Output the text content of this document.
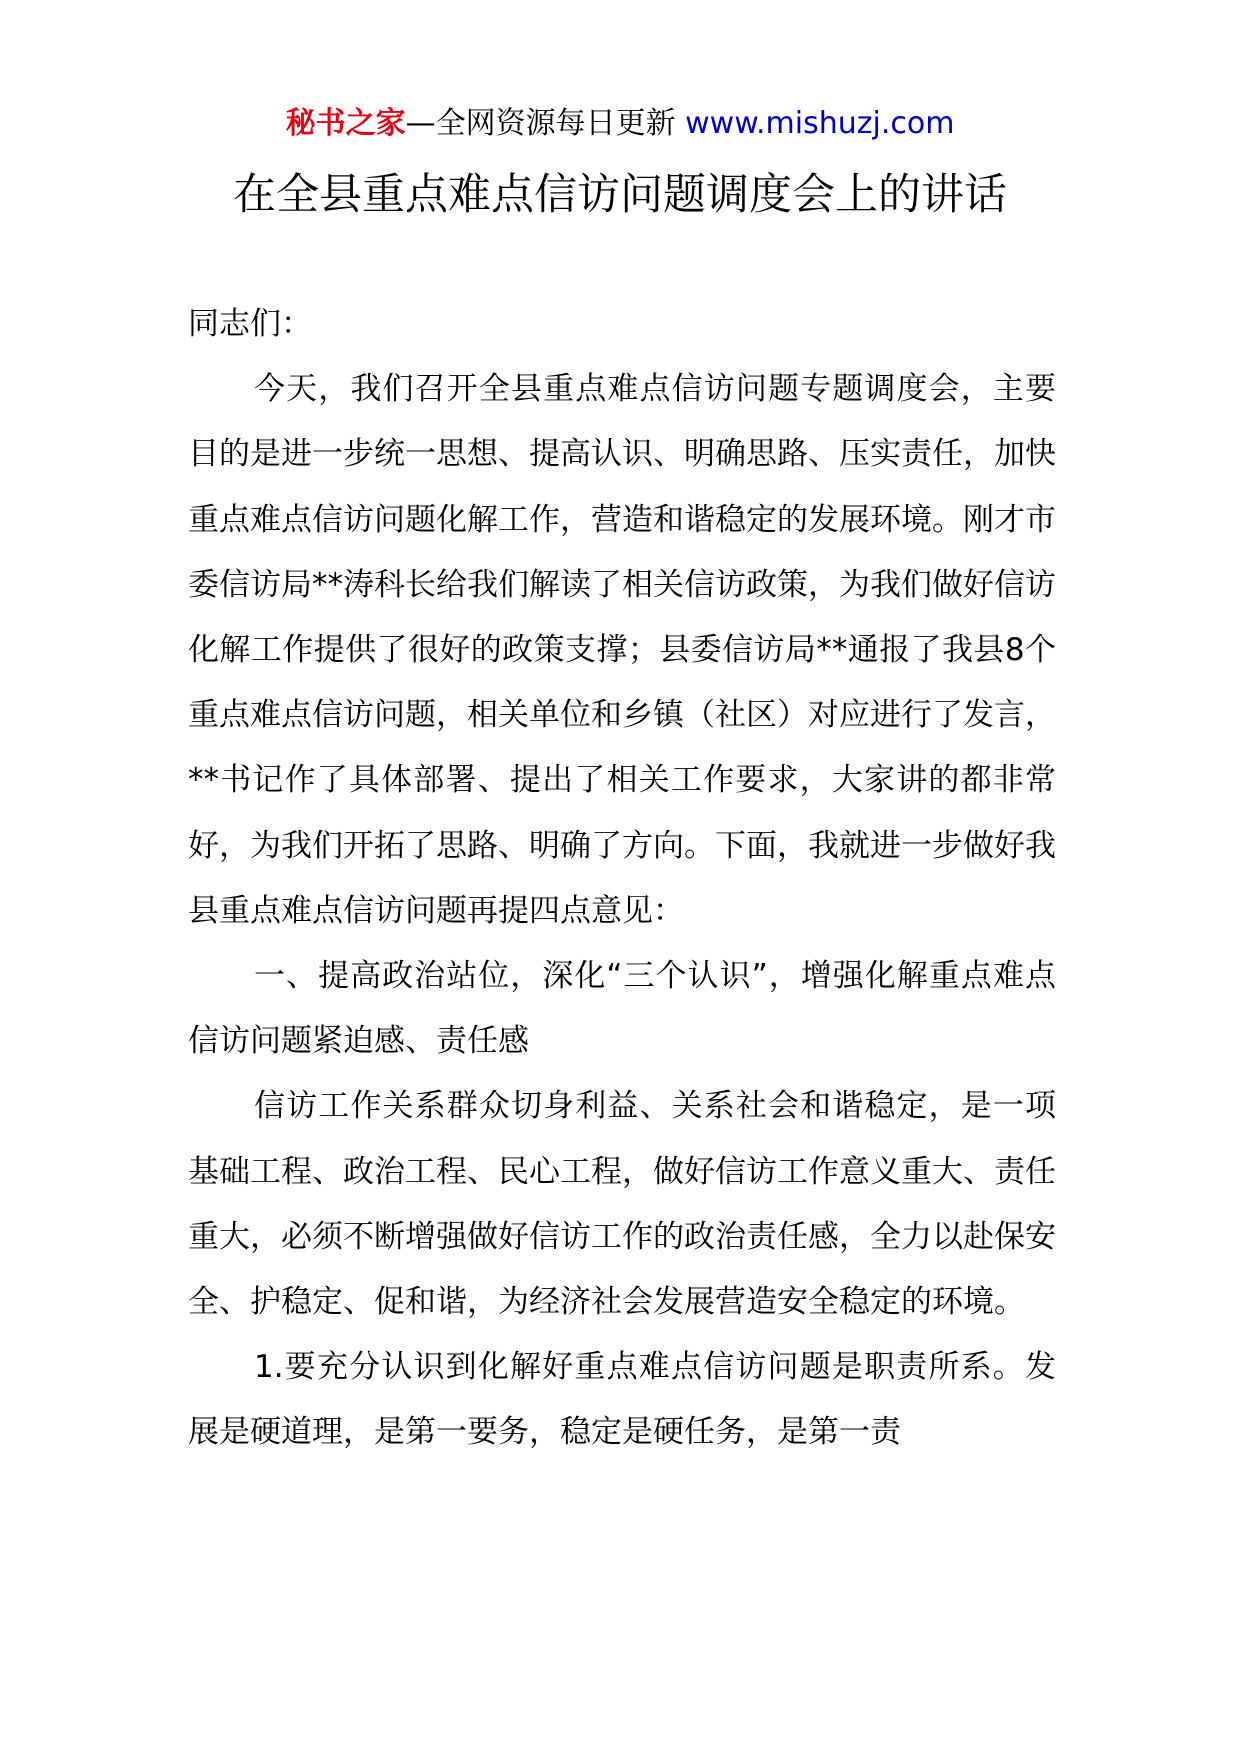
秘书之家—全网资源每日更新 www.mishuzj.com
在全县重点难点信访问题调度会上的讲话

同志们：

今天，我们召开全县重点难点信访问题专题调度会，主要目的是进一步统一思想、提高认识、明确思路、压实责任，加快重点难点信访问题化解工作，营造和谐稳定的发展环境。刚才市委信访局**涛科长给我们解读了相关信访政策，为我们做好信访化解工作提供了很好的政策支撑；县委信访局**通报了我县8个重点难点信访问题，相关单位和乡镇（社区）对应进行了发言，**书记作了具体部署、提出了相关工作要求，大家讲的都非常好，为我们开拓了思路、明确了方向。下面，我就进一步做好我县重点难点信访问题再提四点意见：

一、提高政治站位，深化“三个认识”，增强化解重点难点信访问题紧迫感、责任感

信访工作关系群众切身利益、关系社会和谐稳定，是一项基础工程、政治工程、民心工程，做好信访工作意义重大、责任重大，必须不断增强做好信访工作的政治责任感，全力以赴保安全、护稳定、促和谐，为经济社会发展营造安全稳定的环境。

1.要充分认识到化解好重点难点信访问题是职责所系。发展是硬道理，是第一要务，稳定是硬任务，是第一责
